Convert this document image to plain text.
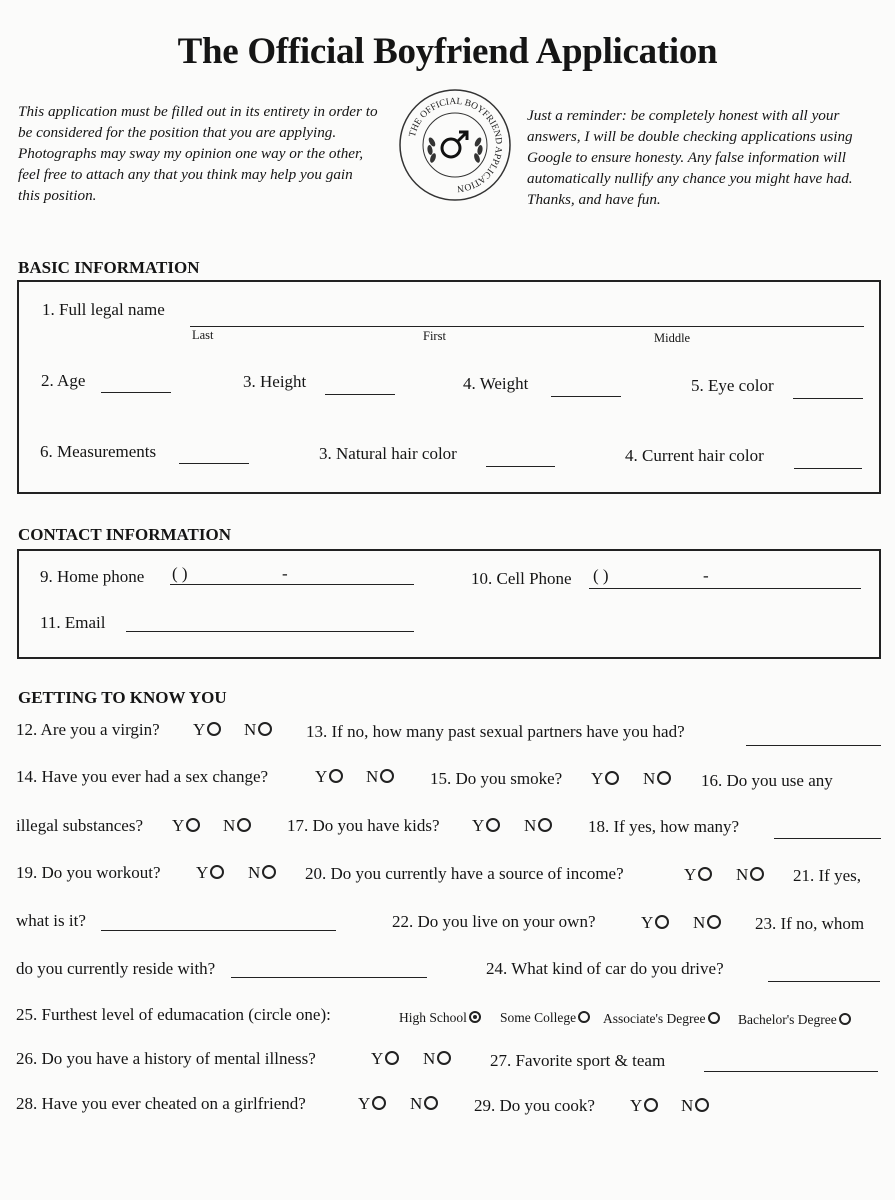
The Official Boyfriend Application
This application must be filled out in its entirety in order to be considered for the position that you are applying. Photographs may sway my opinion one way or the other, feel free to attach any that you think may help you gain this position.
Just a reminder: be completely honest with all your answers, I will be double checking applications using Google to ensure honesty. Any false information will automatically nullify any chance you might have had. Thanks, and have fun.
THE OFFICIAL BOYFRIEND APPLICATION
BASIC INFORMATION
1. Full legal name
Last	First	Middle
2. Age	3. Height	4. Weight	5. Eye color
6. Measurements	3. Natural hair color	4. Current hair color
CONTACT INFORMATION
9. Home phone ( )	-	10. Cell Phone ( )	-
11. Email
GETTING TO KNOW YOU
12. Are you a virgin? Y	N	13. If no, how many past sexual partners have you had?
14. Have you ever had a sex change?	Y	N	15. Do you smoke? Y	N	16. Do you use any
illegal substances? Y	N	17. Do you have kids? Y	N	18. If yes, how many?
19. Do you workout? Y	N	20. Do you currently have a source of income?	Y	N	21. If yes,
what is it?	22. Do you live on your own?	Y	N	23. If no, whom
do you currently reside with?	24. What kind of car do you drive?
25. Furthest level of edumacation (circle one):	High School	Some College	Associate's Degree	Bachelor's Degree
26. Do you have a history of mental illness?	Y	N	27. Favorite sport & team
28. Have you ever cheated on a girlfriend?	Y	N	29. Do you cook? Y	N
